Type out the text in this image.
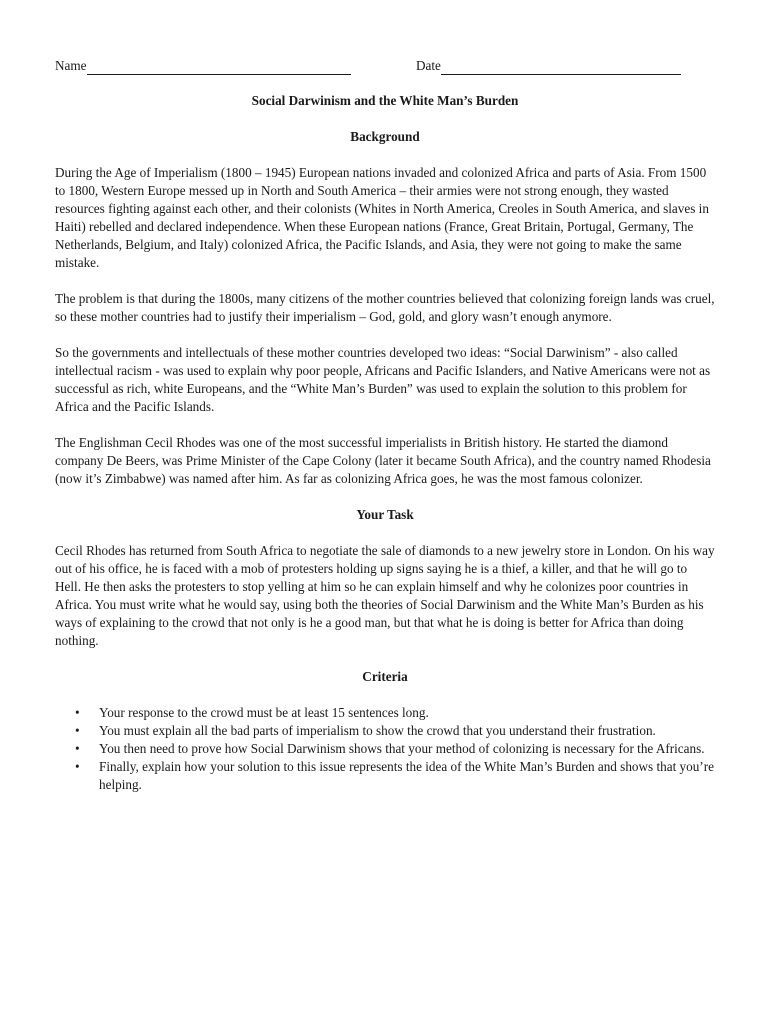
Name	Date
Social Darwinism and the White Man’s Burden
Background

During the Age of Imperialism (1800 – 1945) European nations invaded and colonized Africa and parts of Asia. From 1500 to 1800, Western Europe messed up in North and South America – their armies were not strong enough, they wasted resources fighting against each other, and their colonists (Whites in North America, Creoles in South America, and slaves in Haiti) rebelled and declared independence. When these European nations (France, Great Britain, Portugal, Germany, The Netherlands, Belgium, and Italy) colonized Africa, the Pacific Islands, and Asia, they were not going to make the same mistake.

The problem is that during the 1800s, many citizens of the mother countries believed that colonizing foreign lands was cruel, so these mother countries had to justify their imperialism – God, gold, and glory wasn’t enough anymore.

So the governments and intellectuals of these mother countries developed two ideas: “Social Darwinism” - also called intellectual racism - was used to explain why poor people, Africans and Pacific Islanders, and Native Americans were not as successful as rich, white Europeans, and the “White Man’s Burden” was used to explain the solution to this problem for Africa and the Pacific Islands.

The Englishman Cecil Rhodes was one of the most successful imperialists in British history. He started the diamond company De Beers, was Prime Minister of the Cape Colony (later it became South Africa), and the country named Rhodesia (now it’s Zimbabwe) was named after him. As far as colonizing Africa goes, he was the most famous colonizer.

Your Task

Cecil Rhodes has returned from South Africa to negotiate the sale of diamonds to a new jewelry store in London. On his way out of his office, he is faced with a mob of protesters holding up signs saying he is a thief, a killer, and that he will go to Hell. He then asks the protesters to stop yelling at him so he can explain himself and why he colonizes poor countries in Africa. You must write what he would say, using both the theories of Social Darwinism and the White Man’s Burden as his ways of explaining to the crowd that not only is he a good man, but that what he is doing is better for Africa than doing nothing.

Criteria
• Your response to the crowd must be at least 15 sentences long.
• You must explain all the bad parts of imperialism to show the crowd that you understand their frustration.
• You then need to prove how Social Darwinism shows that your method of colonizing is necessary for the Africans.
• Finally, explain how your solution to this issue represents the idea of the White Man’s Burden and shows that you’re helping.
